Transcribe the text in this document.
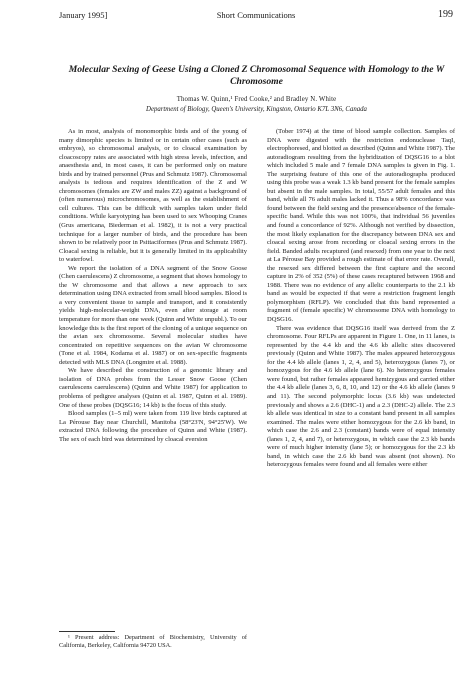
January 1995]	Short Communications	199
Molecular Sexing of Geese Using a Cloned Z Chromosomal Sequence with Homology to the W Chromosome
Thomas W. Quinn,¹ Fred Cooke,² and Bradley N. White
Department of Biology, Queen's University, Kingston, Ontario K7L 3N6, Canada

As in most, analysis of monomorphic birds and of the young of many dimorphic species is limited or in certain other cases (such as embryos), so chromosomal analysis, or to cloacal examination by cloacoscopy rates are associated with high stress levels, infection, and anaesthesia and, in most cases, it can be performed only on mature birds and by trained personnel (Prus and Schmutz 1987). Chromosomal analysis is tedious and requires identification of the Z and W chromosomes (females are ZW and males ZZ) against a background of (often numerous) microchromosomes, as well as the establishment of cell cultures. This can be difficult with samples taken under field conditions. While karyotyping has been used to sex Whooping Cranes (Grus americana, Biederman et al. 1982), it is not a very practical technique for a larger number of birds, and the procedure has been shown to be relatively poor in Psittaciformes (Prus and Schmutz 1987). Cloacal sexing is reliable, but it is generally limited in its applicability to waterfowl.

We report the isolation of a DNA segment of the Snow Goose (Chen caerulescens) Z chromosome, a segment that shows homology to the W chromosome and that allows a new approach to sex determination using DNA extracted from small blood samples. Blood is a very convenient tissue to sample and transport, and it consistently yields high-molecular-weight DNA, even after storage at room temperature for more than one week (Quinn and White unpubl.). To our knowledge this is the first report of the cloning of a unique sequence on the avian sex chromosome. Several molecular studies have concentrated on repetitive sequences on the avian W chromosome (Tone et al. 1984, Kodama et al. 1987) or on sex-specific fragments detected with MLS DNA (Longmire et al. 1988).

We have described the construction of a genomic library and isolation of DNA probes from the Lesser Snow Goose (Chen caerulescens caerulescens) (Quinn and White 1987) for application to problems of pedigree analyses (Quinn et al. 1987, Quinn et al. 1989). One of these probes (DQSG16; 14 kb) is the focus of this study.

Blood samples (1–5 ml) were taken from 119 live birds captured at La Pérouse Bay near Churchill, Manitoba (58°23'N, 94°25'W). We extracted DNA following the procedure of Quinn and White (1987). The sex of each bird was determined by cloacal eversion

(Tober 1974) at the time of blood sample collection. Samples of DNA were digested with the restriction endonuclease TaqI, electrophoresed, and blotted as described (Quinn and White 1987). The autoradiogram resulting from the hybridization of DQSG16 to a blot which included 5 male and 7 female DNA samples is given in Fig. 1. The surprising feature of this one of the autoradiographs produced using this probe was a weak 1.3 kb band present for the female samples but absent in the male samples. In total, 55/57 adult females and this band, while all 76 adult males lacked it. Thus a 98% concordance was found between the field sexing and the presence/absence of the female-specific band. While this was not 100%, that individual 56 juveniles and found a concordance of 92%. Although not verified by dissection, the most likely explanation for the discrepancy between DNA sex and cloacal sexing arose from recording or cloacal sexing errors in the field. Banded adults recaptured (and resexed) from one year to the next at La Pérouse Bay provided a rough estimate of that error rate. Overall, the resexed sex differed between the first capture and the second capture in 2% of 352 (5%) of these cases recaptured between 1968 and 1988. There was no evidence of any allelic counterparts to the 2.1 kb band as would be expected if that were a restriction fragment length polymorphism (RFLP). We concluded that this band represented a fragment of (female specific) W chromosome DNA with homology to DQSG16.

There was evidence that DQSG16 itself was derived from the Z chromosome. Four RFLPs are apparent in Figure 1. One, in 11 lanes, is represented by the 4.4 kb and the 4.6 kb allelic sites discovered previously (Quinn and White 1987). The males appeared heterozygous for the 4.4 kb allele (lanes 1, 2, 4, and 5), heterozygous (lanes 7), or homozygous for the 4.6 kb allele (lane 6). No heterozygous females were found, but rather females appeared hemizygous and carried either the 4.4 kb allele (lanes 3, 6, 8, 10, and 12) or the 4.6 kb allele (lanes 9 and 11). The second polymorphic locus (3.6 kb) was undetected previously and shows a 2.6 (DHC-1) and a 2.3 (DHC-2) allele. The 2.3 kb allele was identical in size to a constant band present in all samples examined. The males were either homozygous for the 2.6 kb band, in which case the 2.6 and 2.3 (constant) bands were of equal intensity (lanes 1, 2, 4, and 7), or heterozygous, in which case the 2.3 kb bands were of much higher intensity (lane 5); or homozygous for the 2.3 kb band, in which case the 2.6 kb band was absent (not shown). No heterozygous females were found and all females were either

¹ Present address: Department of Biochemistry, University of California, Berkeley, California 94720 USA.
